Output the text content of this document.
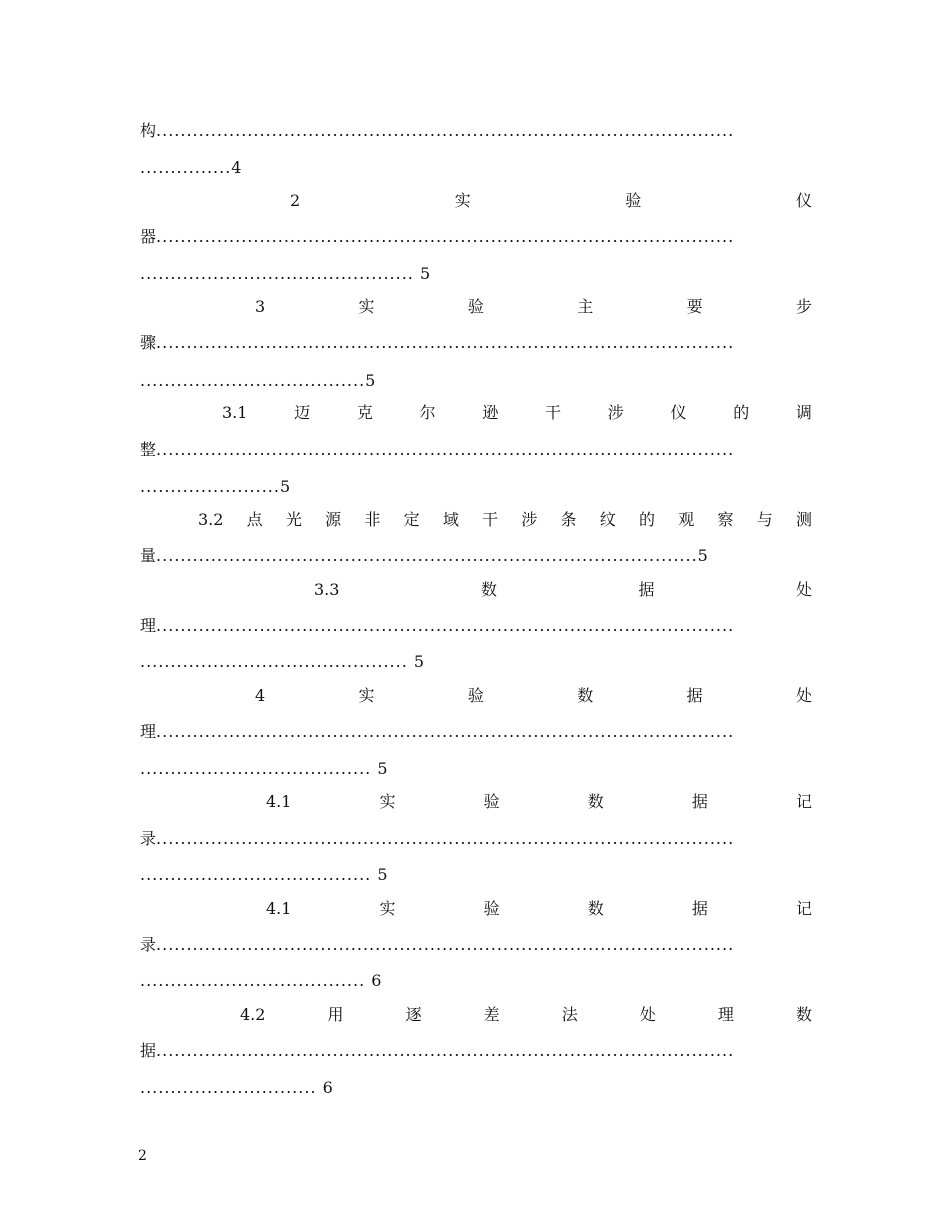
构 ...............................................................................................
...............4
2	实	验	仪
器 ...............................................................................................
............................................. 5
3	实	验	主	要	步
骤 ...............................................................................................
.....................................5
3.1	迈	克	尔	逊	干	涉	仪	的	调
整 ...............................................................................................
.......................5
3.2 点 光 源 非 定 域 干 涉 条 纹 的 观 察 与 测
量 .........................................................................................5
3.3	数	据	处
理 ...............................................................................................
............................................ 5
4	实	验	数	据	处
理 ...............................................................................................
...................................... 5
4.1	实	验	数	据	记
录 ...............................................................................................
...................................... 5
4.1	实	验	数	据	记
录 ...............................................................................................
..................................... 6
4.2	用	逐	差	法	处	理	数
据 ...............................................................................................
............................. 6
2
